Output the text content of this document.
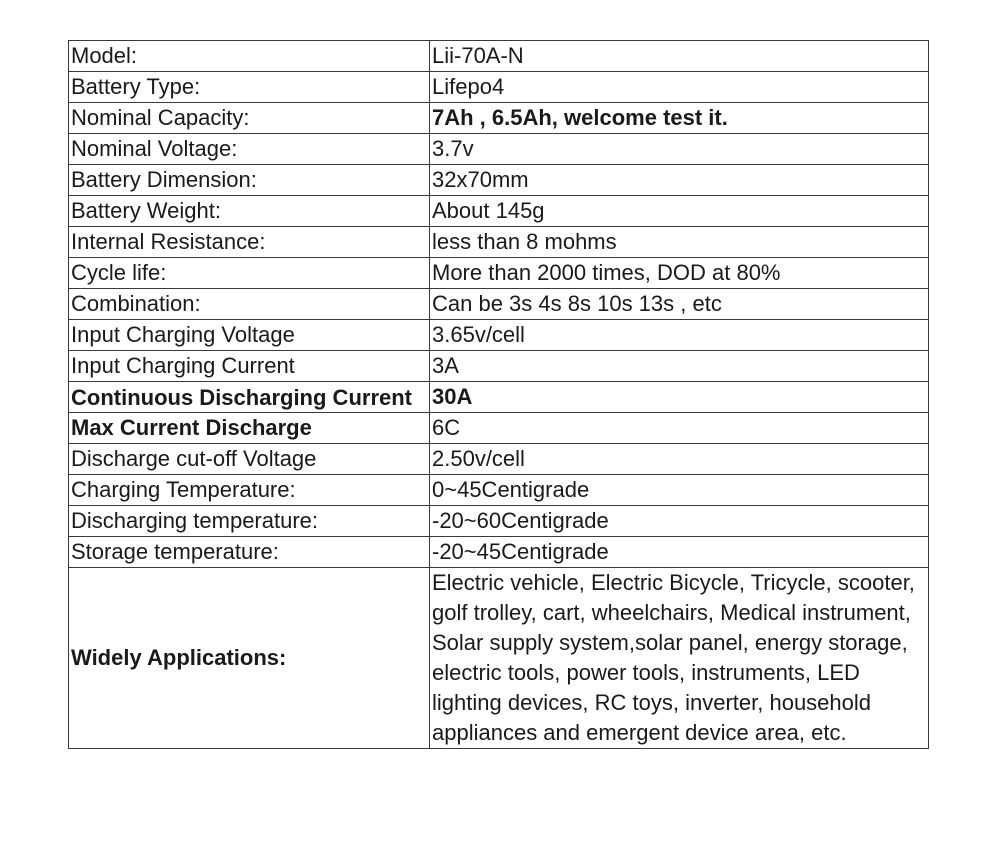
Model:	Lii-70A-N
Battery Type:	Lifepo4
Nominal Capacity:	7Ah , 6.5Ah, welcome test it.
Nominal Voltage:	3.7v
Battery Dimension:	32x70mm
Battery Weight:	About 145g
Internal Resistance:	less than 8 mohms
Cycle life:	More than 2000 times, DOD at 80%
Combination:	Can be 3s 4s 8s 10s 13s , etc
Input Charging Voltage	3.65v/cell
Input Charging Current	3A
Continuous Discharging Current	30A
Max Current Discharge	6C
Discharge cut-off Voltage	2.50v/cell
Charging Temperature:	0~45Centigrade
Discharging temperature:	-20~60Centigrade
Storage temperature:	-20~45Centigrade
Widely Applications:	Electric vehicle, Electric Bicycle, Tricycle, scooter, golf trolley, cart, wheelchairs, Medical instrument, Solar supply system,solar panel, energy storage, electric tools, power tools, instruments, LED lighting devices, RC toys, inverter, household appliances and emergent device area, etc.
